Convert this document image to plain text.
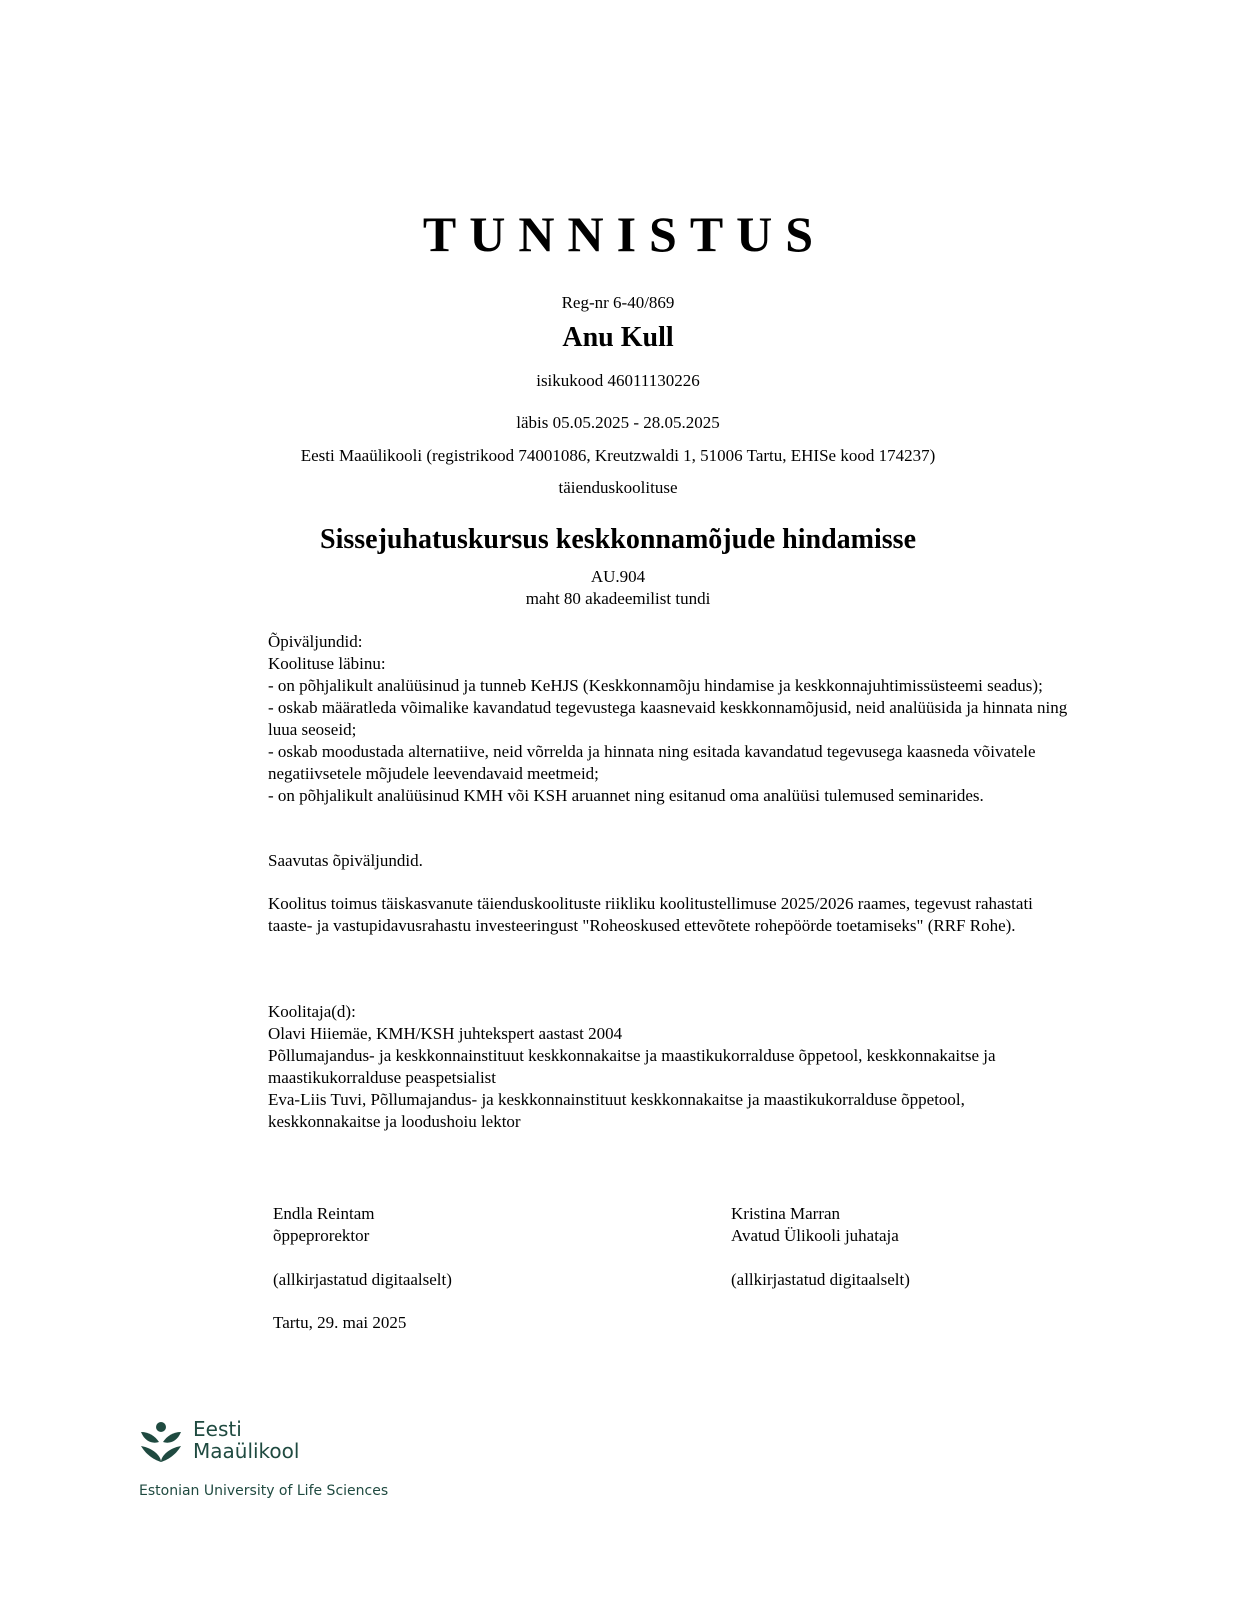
TUNNISTUS
Reg-nr 6-40/869
Anu Kull
isikukood 46011130226
läbis 05.05.2025 - 28.05.2025
Eesti Maaülikooli (registrikood 74001086, Kreutzwaldi 1, 51006 Tartu, EHISe kood 174237)
täienduskoolituse
Sissejuhatuskursus keskkonnamõjude hindamisse
AU.904
maht 80 akadeemilist tundi

Õpiväljundid:

Koolituse läbinu:

- on põhjalikult analüüsinud ja tunneb KeHJS (Keskkonnamõju hindamise ja keskkonnajuhtimissüsteemi seadus);

- oskab määratleda võimalike kavandatud tegevustega kaasnevaid keskkonnamõjusid, neid analüüsida ja hinnata ning luua seoseid;

- oskab moodustada alternatiive, neid võrrelda ja hinnata ning esitada kavandatud tegevusega kaasneda võivatele negatiivsetele mõjudele leevendavaid meetmeid;

- on põhjalikult analüüsinud KMH või KSH aruannet ning esitanud oma analüüsi tulemused seminarides.

Saavutas õpiväljundid.

Koolitus toimus täiskasvanute täienduskoolituste riikliku koolitustellimuse 2025/2026 raames, tegevust rahastati taaste- ja vastupidavusrahastu investeeringust "Roheoskused ettevõtete rohepöörde toetamiseks" (RRF Rohe).

Koolitaja(d):

Olavi Hiiemäe, KMH/KSH juhtekspert aastast 2004

Põllumajandus- ja keskkonnainstituut keskkonnakaitse ja maastikukorralduse õppetool, keskkonnakaitse ja maastikukorralduse peaspetsialist

Eva-Liis Tuvi, Põllumajandus- ja keskkonnainstituut keskkonnakaitse ja maastikukorralduse õppetool, keskkonnakaitse ja loodushoiu lektor

Endla Reintam
õppeprorektor
(allkirjastatud digitaalselt)
Kristina Marran
Avatud Ülikooli juhataja
(allkirjastatud digitaalselt)
Tartu, 29. mai 2025
Eesti
Maaülikool
Estonian University of Life Sciences
